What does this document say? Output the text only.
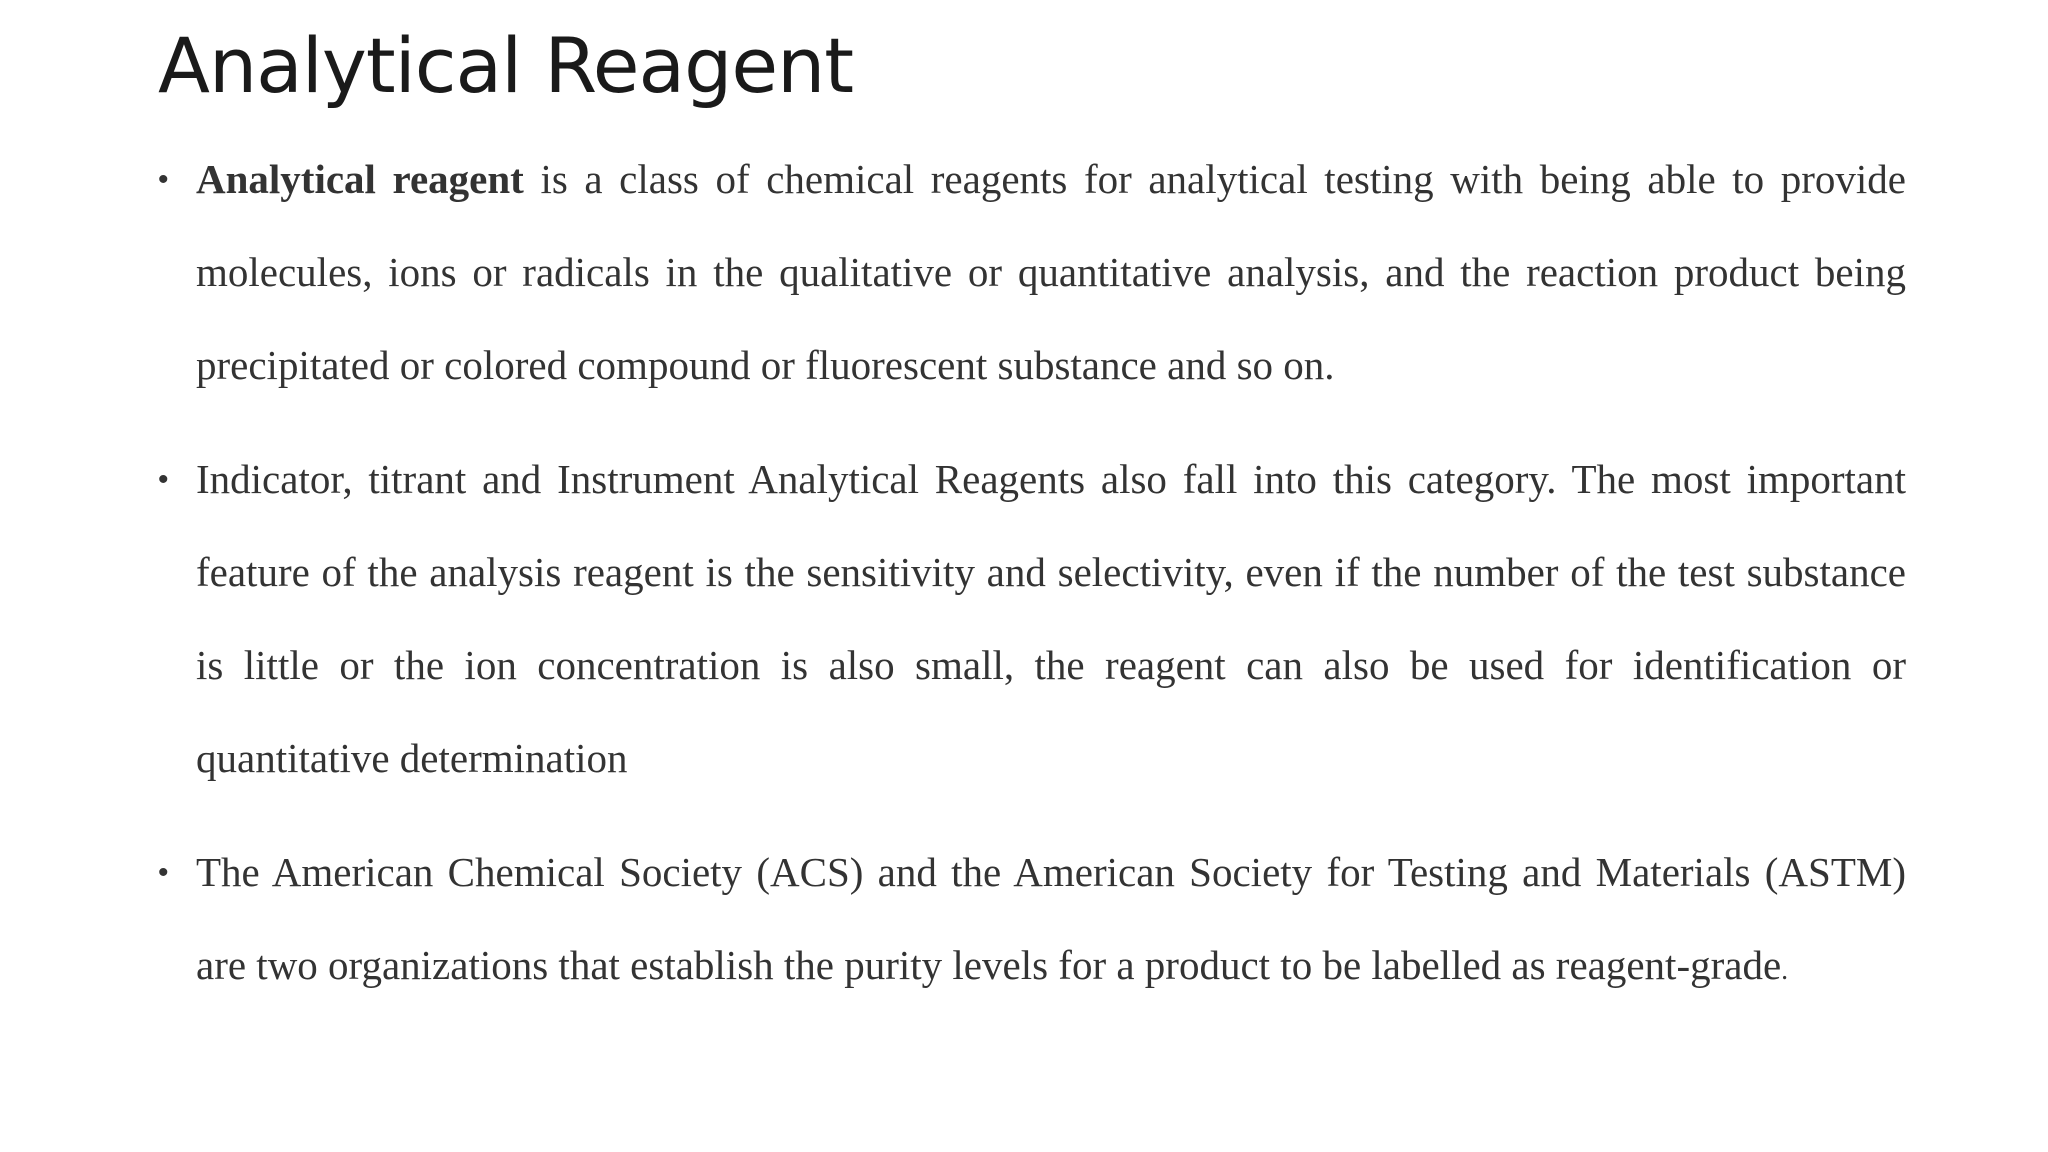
Analytical Reagent
• Analytical reagent is a class of chemical reagents for analytical testing with being able to provide molecules, ions or radicals in the qualitative or quantitative analysis, and the reaction product being precipitated or colored compound or fluorescent substance and so on.
• Indicator, titrant and Instrument Analytical Reagents also fall into this category. The most important feature of the analysis reagent is the sensitivity and selectivity, even if the number of the test substance is little or the ion concentration is also small, the reagent can also be used for identification or quantitative determination
• The American Chemical Society (ACS) and the American Society for Testing and Materials (ASTM) are two organizations that establish the purity levels for a product to be labelled as reagent-grade.
